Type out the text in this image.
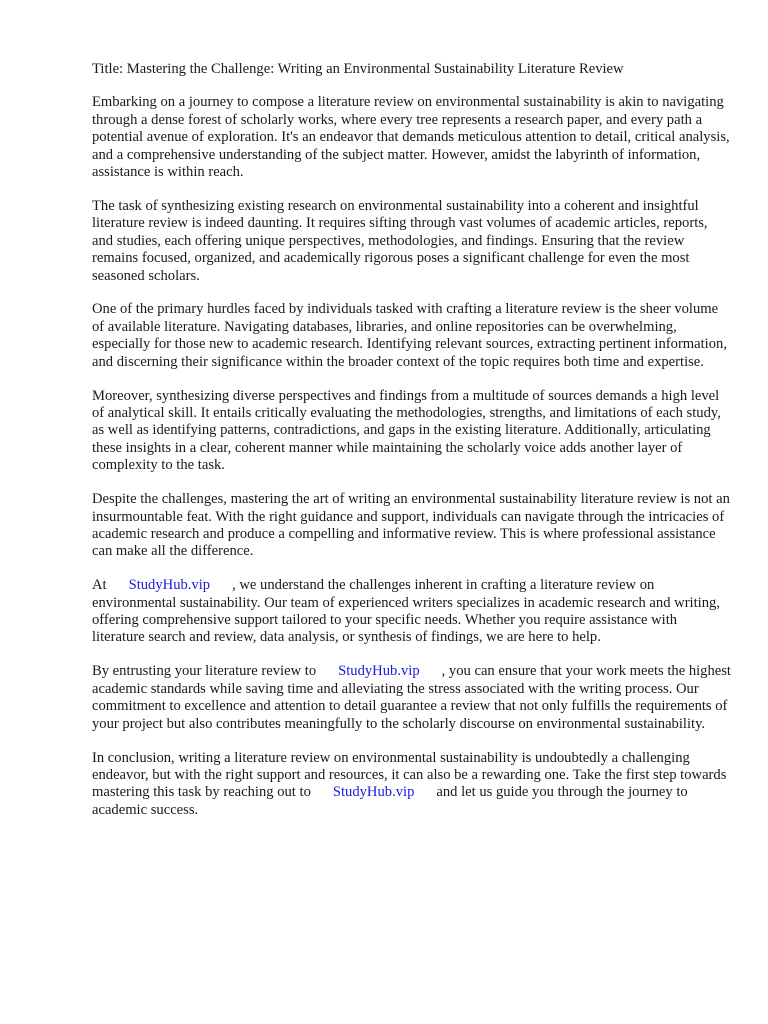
Title: Mastering the Challenge: Writing an Environmental Sustainability Literature Review

Embarking on a journey to compose a literature review on environmental sustainability is akin to navigating through a dense forest of scholarly works, where every tree represents a research paper, and every path a potential avenue of exploration. It's an endeavor that demands meticulous attention to detail, critical analysis, and a comprehensive understanding of the subject matter. However, amidst the labyrinth of information, assistance is within reach.

The task of synthesizing existing research on environmental sustainability into a coherent and insightful literature review is indeed daunting. It requires sifting through vast volumes of academic articles, reports, and studies, each offering unique perspectives, methodologies, and findings. Ensuring that the review remains focused, organized, and academically rigorous poses a significant challenge for even the most seasoned scholars.

One of the primary hurdles faced by individuals tasked with crafting a literature review is the sheer volume of available literature. Navigating databases, libraries, and online repositories can be overwhelming, especially for those new to academic research. Identifying relevant sources, extracting pertinent information, and discerning their significance within the broader context of the topic requires both time and expertise.

Moreover, synthesizing diverse perspectives and findings from a multitude of sources demands a high level of analytical skill. It entails critically evaluating the methodologies, strengths, and limitations of each study, as well as identifying patterns, contradictions, and gaps in the existing literature. Additionally, articulating these insights in a clear, coherent manner while maintaining the scholarly voice adds another layer of complexity to the task.

Despite the challenges, mastering the art of writing an environmental sustainability literature review is not an insurmountable feat. With the right guidance and support, individuals can navigate through the intricacies of academic research and produce a compelling and informative review. This is where professional assistance can make all the difference.

At StudyHub.vip , we understand the challenges inherent in crafting a literature review on environmental sustainability. Our team of experienced writers specializes in academic research and writing, offering comprehensive support tailored to your specific needs. Whether you require assistance with literature search and review, data analysis, or synthesis of findings, we are here to help.

By entrusting your literature review to StudyHub.vip , you can ensure that your work meets the highest academic standards while saving time and alleviating the stress associated with the writing process. Our commitment to excellence and attention to detail guarantee a review that not only fulfills the requirements of your project but also contributes meaningfully to the scholarly discourse on environmental sustainability.

In conclusion, writing a literature review on environmental sustainability is undoubtedly a challenging endeavor, but with the right support and resources, it can also be a rewarding one. Take the first step towards mastering this task by reaching out to StudyHub.vip and let us guide you through the journey to academic success.
